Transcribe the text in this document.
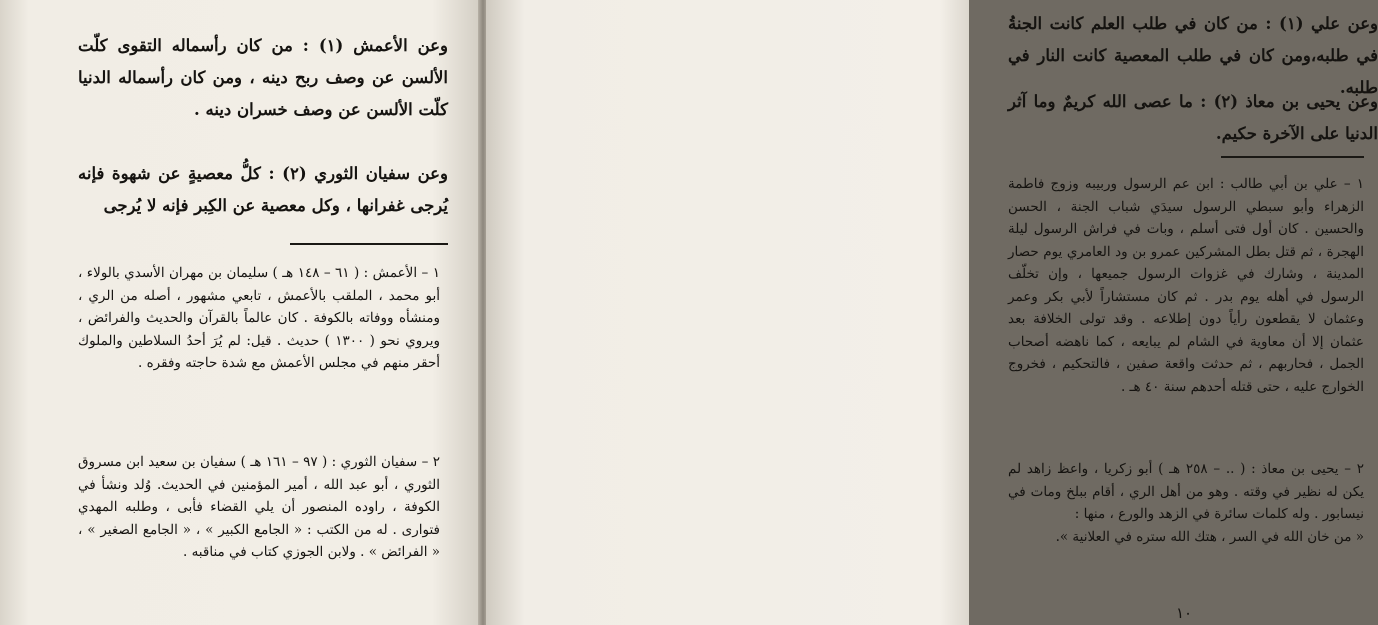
وعن الأعمش (١) : من كان رأسماله التقوى كلّت الألسن عن وصف ربح دينه ، ومن كان رأسماله الدنيا كلّت الألسن عن وصف خسران دينه .
وعن سفيان الثوري (٢) : كلُّ معصيةٍ عن شهوة فإنه يُرجى غفرانها ، وكل معصية عن الكِبر فإنه لا يُرجى
١ – الأعمش : ( ٦١ – ١٤٨ هـ ) سليمان بن مهران الأسدي بالولاء ، أبو محمد ، الملقب بالأعمش ، تابعي مشهور ، أصله من الري ، ومنشأه ووفاته بالكوفة . كان عالماً بالقرآن والحديث والفرائض ، ويروي نحو ( ١٣٠٠ ) حديث . قيل: لم يُرَ أحدُ السلاطين والملوك أحقر منهم في مجلس الأعمش مع شدة حاجته وفقره .
٢ – سفيان الثوري : ( ٩٧ – ١٦١ هـ ) سفيان بن سعيد ابن مسروق الثوري ، أبو عبد الله ، أمير المؤمنين في الحديث. وُلد ونشأ في الكوفة ، راوده المنصور أن يلي القضاء فأبى ، وطلبه المهدي فتوارى . له من الكتب : « الجامع الكبير » ، « الجامع الصغير » ، « الفرائض » . ولابن الجوزي كتاب في مناقبه .
وعن علي (١) : من كان في طلب العلم كانت الجنةُ في طلبه،ومن كان في طلب المعصية كانت النار في طلبه.
وعن يحيى بن معاذ (٢) : ما عصى الله كريمٌ وما آثر الدنيا على الآخرة حكيم.
١ – علي بن أبي طالب : ابن عم الرسول وربيبه وزوج فاطمة الزهراء وأبو سبطي الرسول سيدَي شباب الجنة ، الحسن والحسين . كان أول فتى أسلم ، وبات في فراش الرسول ليلة الهجرة ، ثم قتل بطل المشركين عمرو بن ود العامري يوم حصار المدينة ، وشارك في غزوات الرسول جميعها ، وإن تخلّف الرسول في أهله يوم بدر . ثم كان مستشاراً لأبي بكر وعمر وعثمان لا يقطعون رأياً دون إطلاعه . وقد تولى الخلافة بعد عثمان إلا أن معاوية في الشام لم يبايعه ، كما ناهضه أصحاب الجمل ، فحاربهم ، ثم حدثت واقعة صفين ، فالتحكيم ، فخروج الخوارج عليه ، حتى قتله أحدهم سنة ٤٠ هـ .
٢ – يحيى بن معاذ : ( .. – ٢٥٨ هـ ) أبو زكريا ، واعظ زاهد لم يكن له نظير في وقته . وهو من أهل الري ، أقام ببلخ ومات في نيسابور . وله كلمات سائرة في الزهد والورع ، منها :
« من خان الله في السر ، هتك الله ستره في العلانية ».
١٠
